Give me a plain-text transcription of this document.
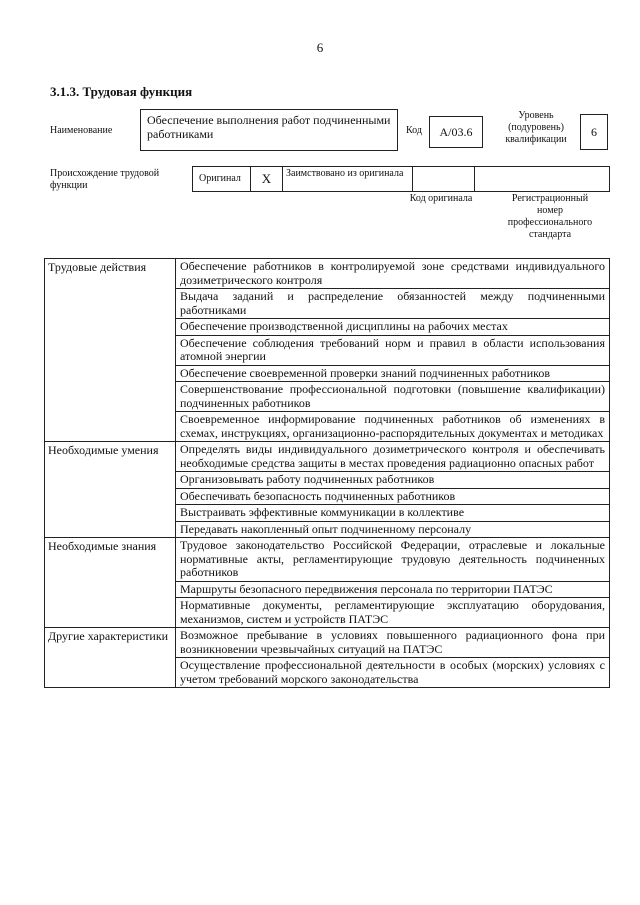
6
3.1.3. Трудовая функция
Наименование
Обеспечение выполнения работ подчиненными работниками	Код	А/03.6
Уровень (подуровень) квалификации
6
Происхождение трудовой функции
Оригинал	X	Заимствовано из оригинала
Код оригинала	Регистрационный номер профессионального стандарта
Трудовые действия	Обеспечение работников в контролируемой зоне средствами индивидуального дозиметрического контроля
	Выдача заданий и распределение обязанностей между подчиненными работниками
	Обеспечение производственной дисциплины на рабочих местах
	Обеспечение соблюдения требований норм и правил в области использования атомной энергии
	Обеспечение своевременной проверки знаний подчиненных работников
	Совершенствование профессиональной подготовки (повышение квалификации) подчиненных работников
	Своевременное информирование подчиненных работников об изменениях в схемах, инструкциях, организационно-распорядительных документах и методиках
Необходимые умения	Определять виды индивидуального дозиметрического контроля и обеспечивать необходимые средства защиты в местах проведения радиационно опасных работ
	Организовывать работу подчиненных работников
	Обеспечивать безопасность подчиненных работников
	Выстраивать эффективные коммуникации в коллективе
	Передавать накопленный опыт подчиненному персоналу
Необходимые знания	Трудовое законодательство Российской Федерации, отраслевые и локальные нормативные акты, регламентирующие трудовую деятельность подчиненных работников
	Маршруты безопасного передвижения персонала по территории ПАТЭС
	Нормативные документы, регламентирующие эксплуатацию оборудования, механизмов, систем и устройств ПАТЭС
Другие характеристики	Возможное пребывание в условиях повышенного радиационного фона при возникновении чрезвычайных ситуаций на ПАТЭС
	Осуществление профессиональной деятельности в особых (морских) условиях с учетом требований морского законодательства
